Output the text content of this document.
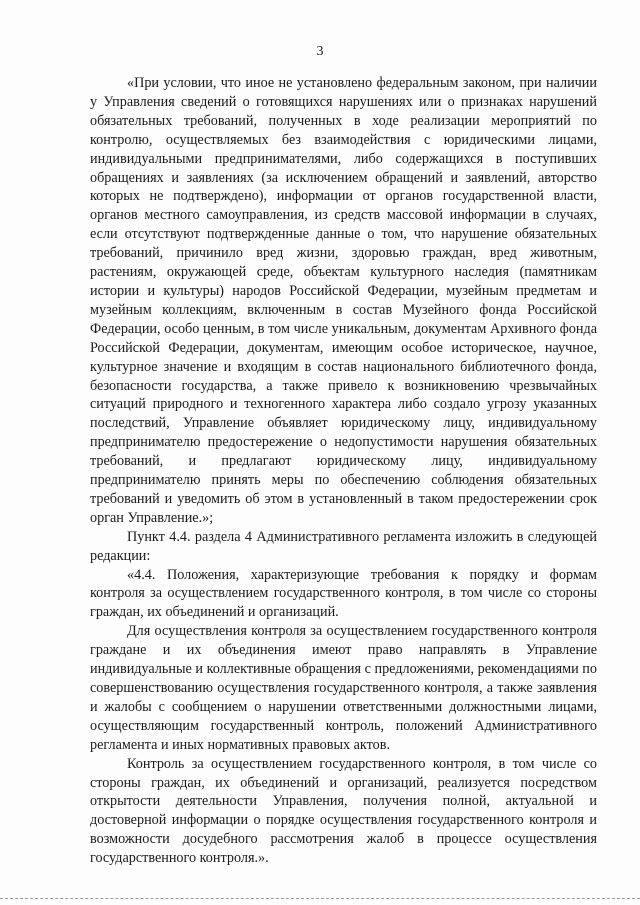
3

«При условии, что иное не установлено федеральным законом, при наличии у Управления сведений о готовящихся нарушениях или о признаках нарушений обязательных требований, полученных в ходе реализации мероприятий по контролю, осуществляемых без взаимодействия с юридическими лицами, индивидуальными предпринимателями, либо содержащихся в поступивших обращениях и заявлениях (за исключением обращений и заявлений, авторство которых не подтверждено), информации от органов государственной власти, органов местного самоуправления, из средств массовой информации в случаях, если отсутствуют подтвержденные данные о том, что нарушение обязательных требований, причинило вред жизни, здоровью граждан, вред животным, растениям, окружающей среде, объектам культурного наследия (памятникам истории и культуры) народов Российской Федерации, музейным предметам и музейным коллекциям, включенным в состав Музейного фонда Российской Федерации, особо ценным, в том числе уникальным, документам Архивного фонда Российской Федерации, документам, имеющим особое историческое, научное, культурное значение и входящим в состав национального библиотечного фонда, безопасности государства, а также привело к возникновению чрезвычайных ситуаций природного и техногенного характера либо создало угрозу указанных последствий, Управление объявляет юридическому лицу, индивидуальному предпринимателю предостережение о недопустимости нарушения обязательных требований, и предлагают юридическому лицу, индивидуальному предпринимателю принять меры по обеспечению соблюдения обязательных требований и уведомить об этом в установленный в таком предостережении срок орган Управление.»;

Пункт 4.4. раздела 4 Административного регламента изложить в следующей редакции:

«4.4. Положения, характеризующие требования к порядку и формам контроля за осуществлением государственного контроля, в том числе со стороны граждан, их объединений и организаций.

Для осуществления контроля за осуществлением государственного контроля граждане и их объединения имеют право направлять в Управление индивидуальные и коллективные обращения с предложениями, рекомендациями по совершенствованию осуществления государственного контроля, а также заявления и жалобы с сообщением о нарушении ответственными должностными лицами, осуществляющим государственный контроль, положений Административного регламента и иных нормативных правовых актов.

Контроль за осуществлением государственного контроля, в том числе со стороны граждан, их объединений и организаций, реализуется посредством открытости деятельности Управления, получения полной, актуальной и достоверной информации о порядке осуществления государственного контроля и возможности досудебного рассмотрения жалоб в процессе осуществления государственного контроля.».
